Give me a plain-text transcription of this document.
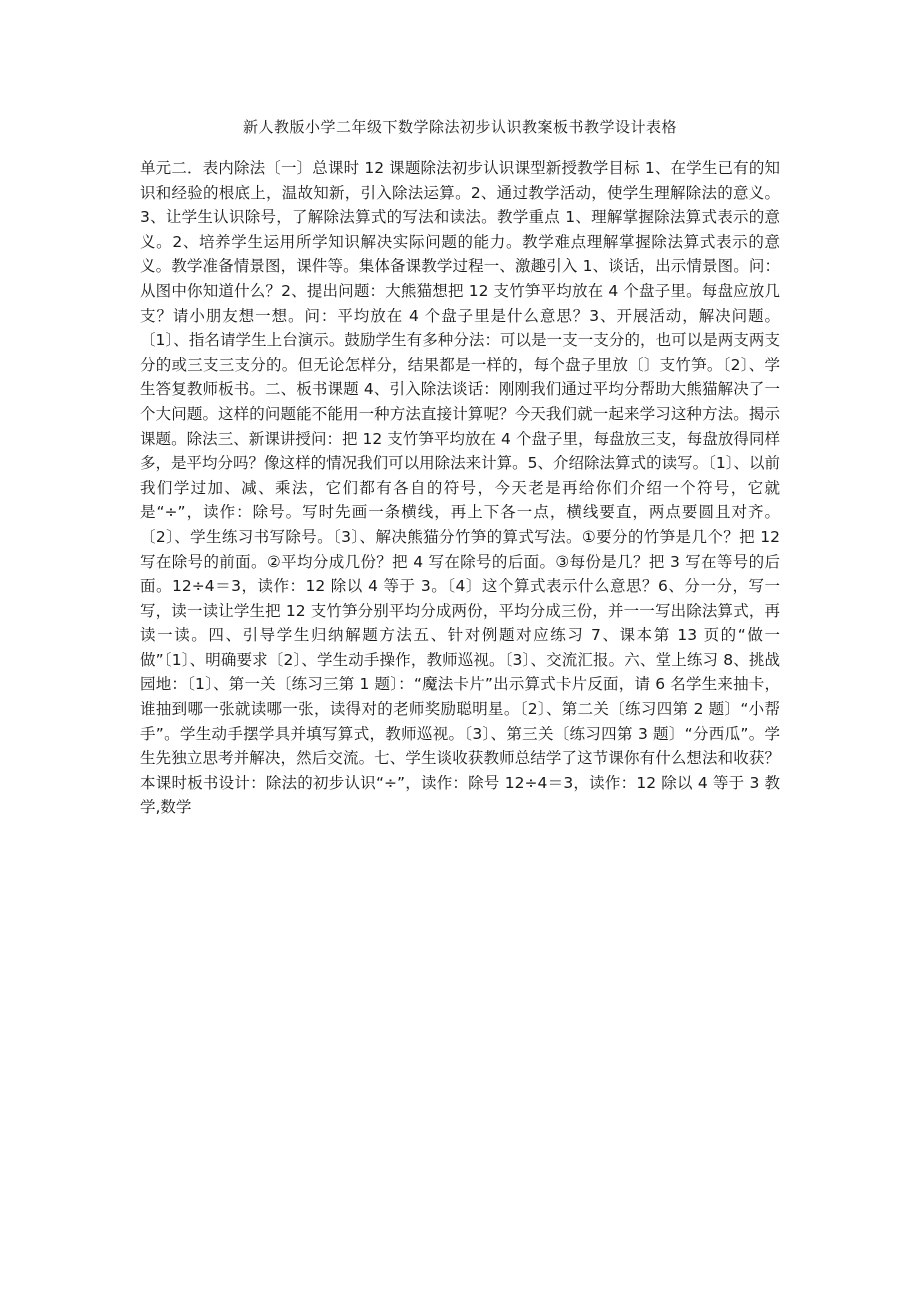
新人教版小学二年级下数学除法初步认识教案板书教学设计表格
单元二．表内除法〔一〕总课时 12 课题除法初步认识课型新授教学目标 1、在学生已有的知识和经验的根底上，温故知新，引入除法运算。2、通过教学活动，使学生理解除法的意义。3、让学生认识除号，了解除法算式的写法和读法。教学重点 1、理解掌握除法算式表示的意义。2、培养学生运用所学知识解决实际问题的能力。教学难点理解掌握除法算式表示的意义。教学准备情景图，课件等。集体备课教学过程一、激趣引入 1、谈话，出示情景图。问：从图中你知道什么？2、提出问题：大熊猫想把 12 支竹笋平均放在 4 个盘子里。每盘应放几支？请小朋友想一想。问：平均放在 4 个盘子里是什么意思？3、开展活动，解决问题。〔1〕、指名请学生上台演示。鼓励学生有多种分法：可以是一支一支分的，也可以是两支两支分的或三支三支分的。但无论怎样分，结果都是一样的，每个盘子里放〔〕支竹笋。〔2〕、学生答复教师板书。二、板书课题 4、引入除法谈话：刚刚我们通过平均分帮助大熊猫解决了一个大问题。这样的问题能不能用一种方法直接计算呢？今天我们就一起来学习这种方法。揭示课题。除法三、新课讲授问：把 12 支竹笋平均放在 4 个盘子里，每盘放三支，每盘放得同样多，是平均分吗？像这样的情况我们可以用除法来计算。5、介绍除法算式的读写。〔1〕、以前我们学过加、减、乘法，它们都有各自的符号，今天老是再给你们介绍一个符号，它就是“÷”，读作：除号。写时先画一条横线，再上下各一点，横线要直，两点要圆且对齐。〔2〕、学生练习书写除号。〔3〕、解决熊猫分竹笋的算式写法。①要分的竹笋是几个？把 12 写在除号的前面。②平均分成几份？把 4 写在除号的后面。③每份是几？把 3 写在等号的后面。12÷4＝3，读作：12 除以 4 等于 3。〔4〕这个算式表示什么意思？6、分一分，写一写，读一读让学生把 12 支竹笋分别平均分成两份，平均分成三份，并一一写出除法算式，再读一读。四、引导学生归纳解题方法五、针对例题对应练习 7、课本第 13 页的“做一做”〔1〕、明确要求〔2〕、学生动手操作，教师巡视。〔3〕、交流汇报。六、堂上练习 8、挑战园地：〔1〕、第一关〔练习三第 1 题〕：“魔法卡片”出示算式卡片反面，请 6 名学生来抽卡，谁抽到哪一张就读哪一张，读得对的老师奖励聪明星。〔2〕、第二关〔练习四第 2 题〕“小帮手”。学生动手摆学具并填写算式，教师巡视。〔3〕、第三关〔练习四第 3 题〕“分西瓜”。学生先独立思考并解决，然后交流。七、学生谈收获教师总结学了这节课你有什么想法和收获？本课时板书设计：除法的初步认识“÷”，读作：除号 12÷4＝3，读作：12 除以 4 等于 3 教学,数学
